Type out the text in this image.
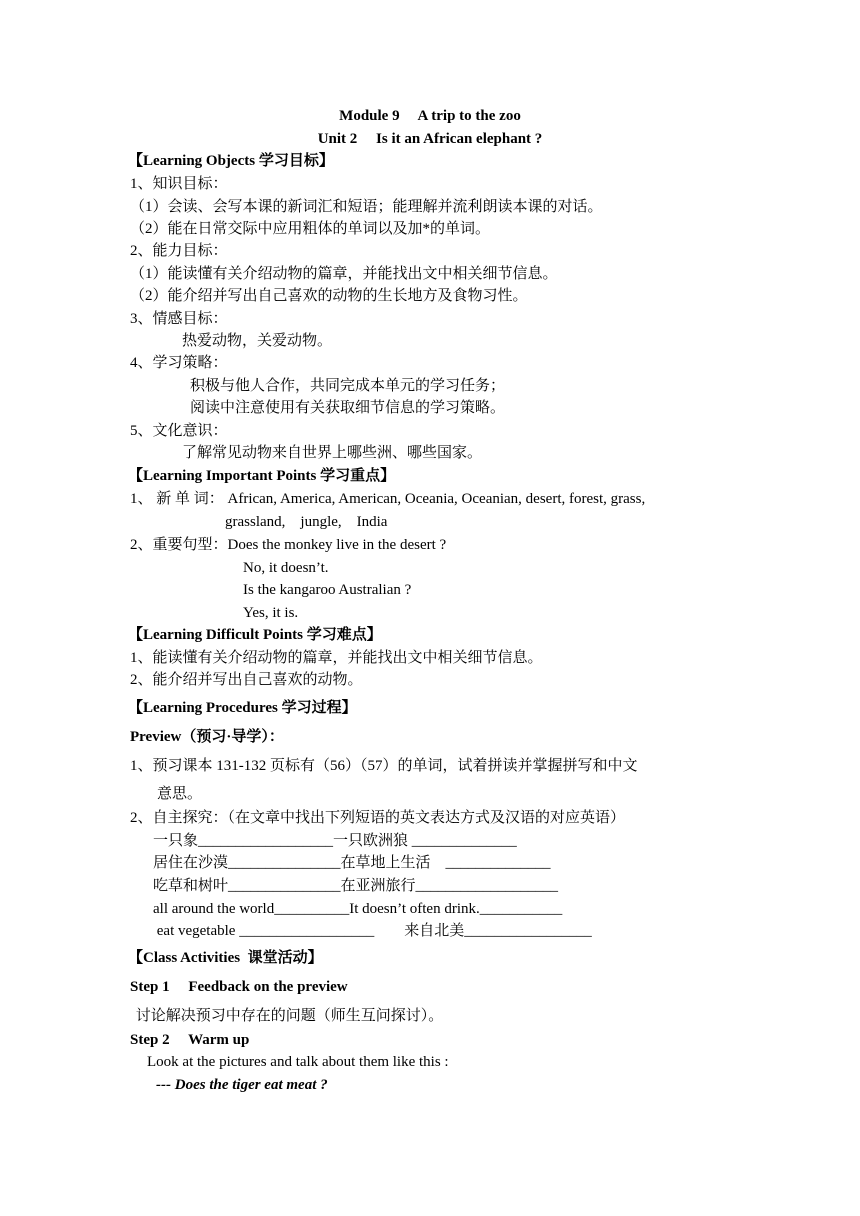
Module 9　 A trip to the zoo
Unit 2　 Is it an African elephant ?
【Learning Objects 学习目标】
1、知识目标：
（1）会读、会写本课的新词汇和短语；能理解并流利朗读本课的对话。
（2）能在日常交际中应用粗体的单词以及加*的单词。
2、能力目标：
（1）能读懂有关介绍动物的篇章，并能找出文中相关细节信息。
（2）能介绍并写出自己喜欢的动物的生长地方及食物习性。
3、情感目标：
热爱动物，关爱动物。
4、学习策略：
积极与他人合作，共同完成本单元的学习任务；
阅读中注意使用有关获取细节信息的学习策略。
5、文化意识：
了解常见动物来自世界上哪些洲、哪些国家。
【Learning Important Points 学习重点】
1、 新 单 词： African, America, American, Oceania, Oceanian, desert, forest, grass,
grassland,　jungle,　India
2、重要句型：Does the monkey live in the desert ?
No, it doesn’t.
Is the kangaroo Australian ?
Yes, it is.
【Learning Difficult Points 学习难点】
1、能读懂有关介绍动物的篇章，并能找出文中相关细节信息。
2、能介绍并写出自己喜欢的动物。
【Learning Procedures 学习过程】
Preview（预习·导学）：
1、预习课本 131-132 页标有（56）（57）的单词，试着拼读并掌握拼写和中文
意思。
2、自主探究：（在文章中找出下列短语的英文表达方式及汉语的对应英语）
一只象__________________一只欧洲狼 ______________
居住在沙漠_______________在草地上生活　______________
吃草和树叶_______________在亚洲旅行___________________
all around the world__________It doesn’t often drink.___________
eat vegetable __________________　　来自北美_________________
【Class Activities  课堂活动】
Step 1　 Feedback on the preview
讨论解决预习中存在的问题（师生互问探讨）。
Step 2　 Warm up
Look at the pictures and talk about them like this :
--- Does the tiger eat meat ?
